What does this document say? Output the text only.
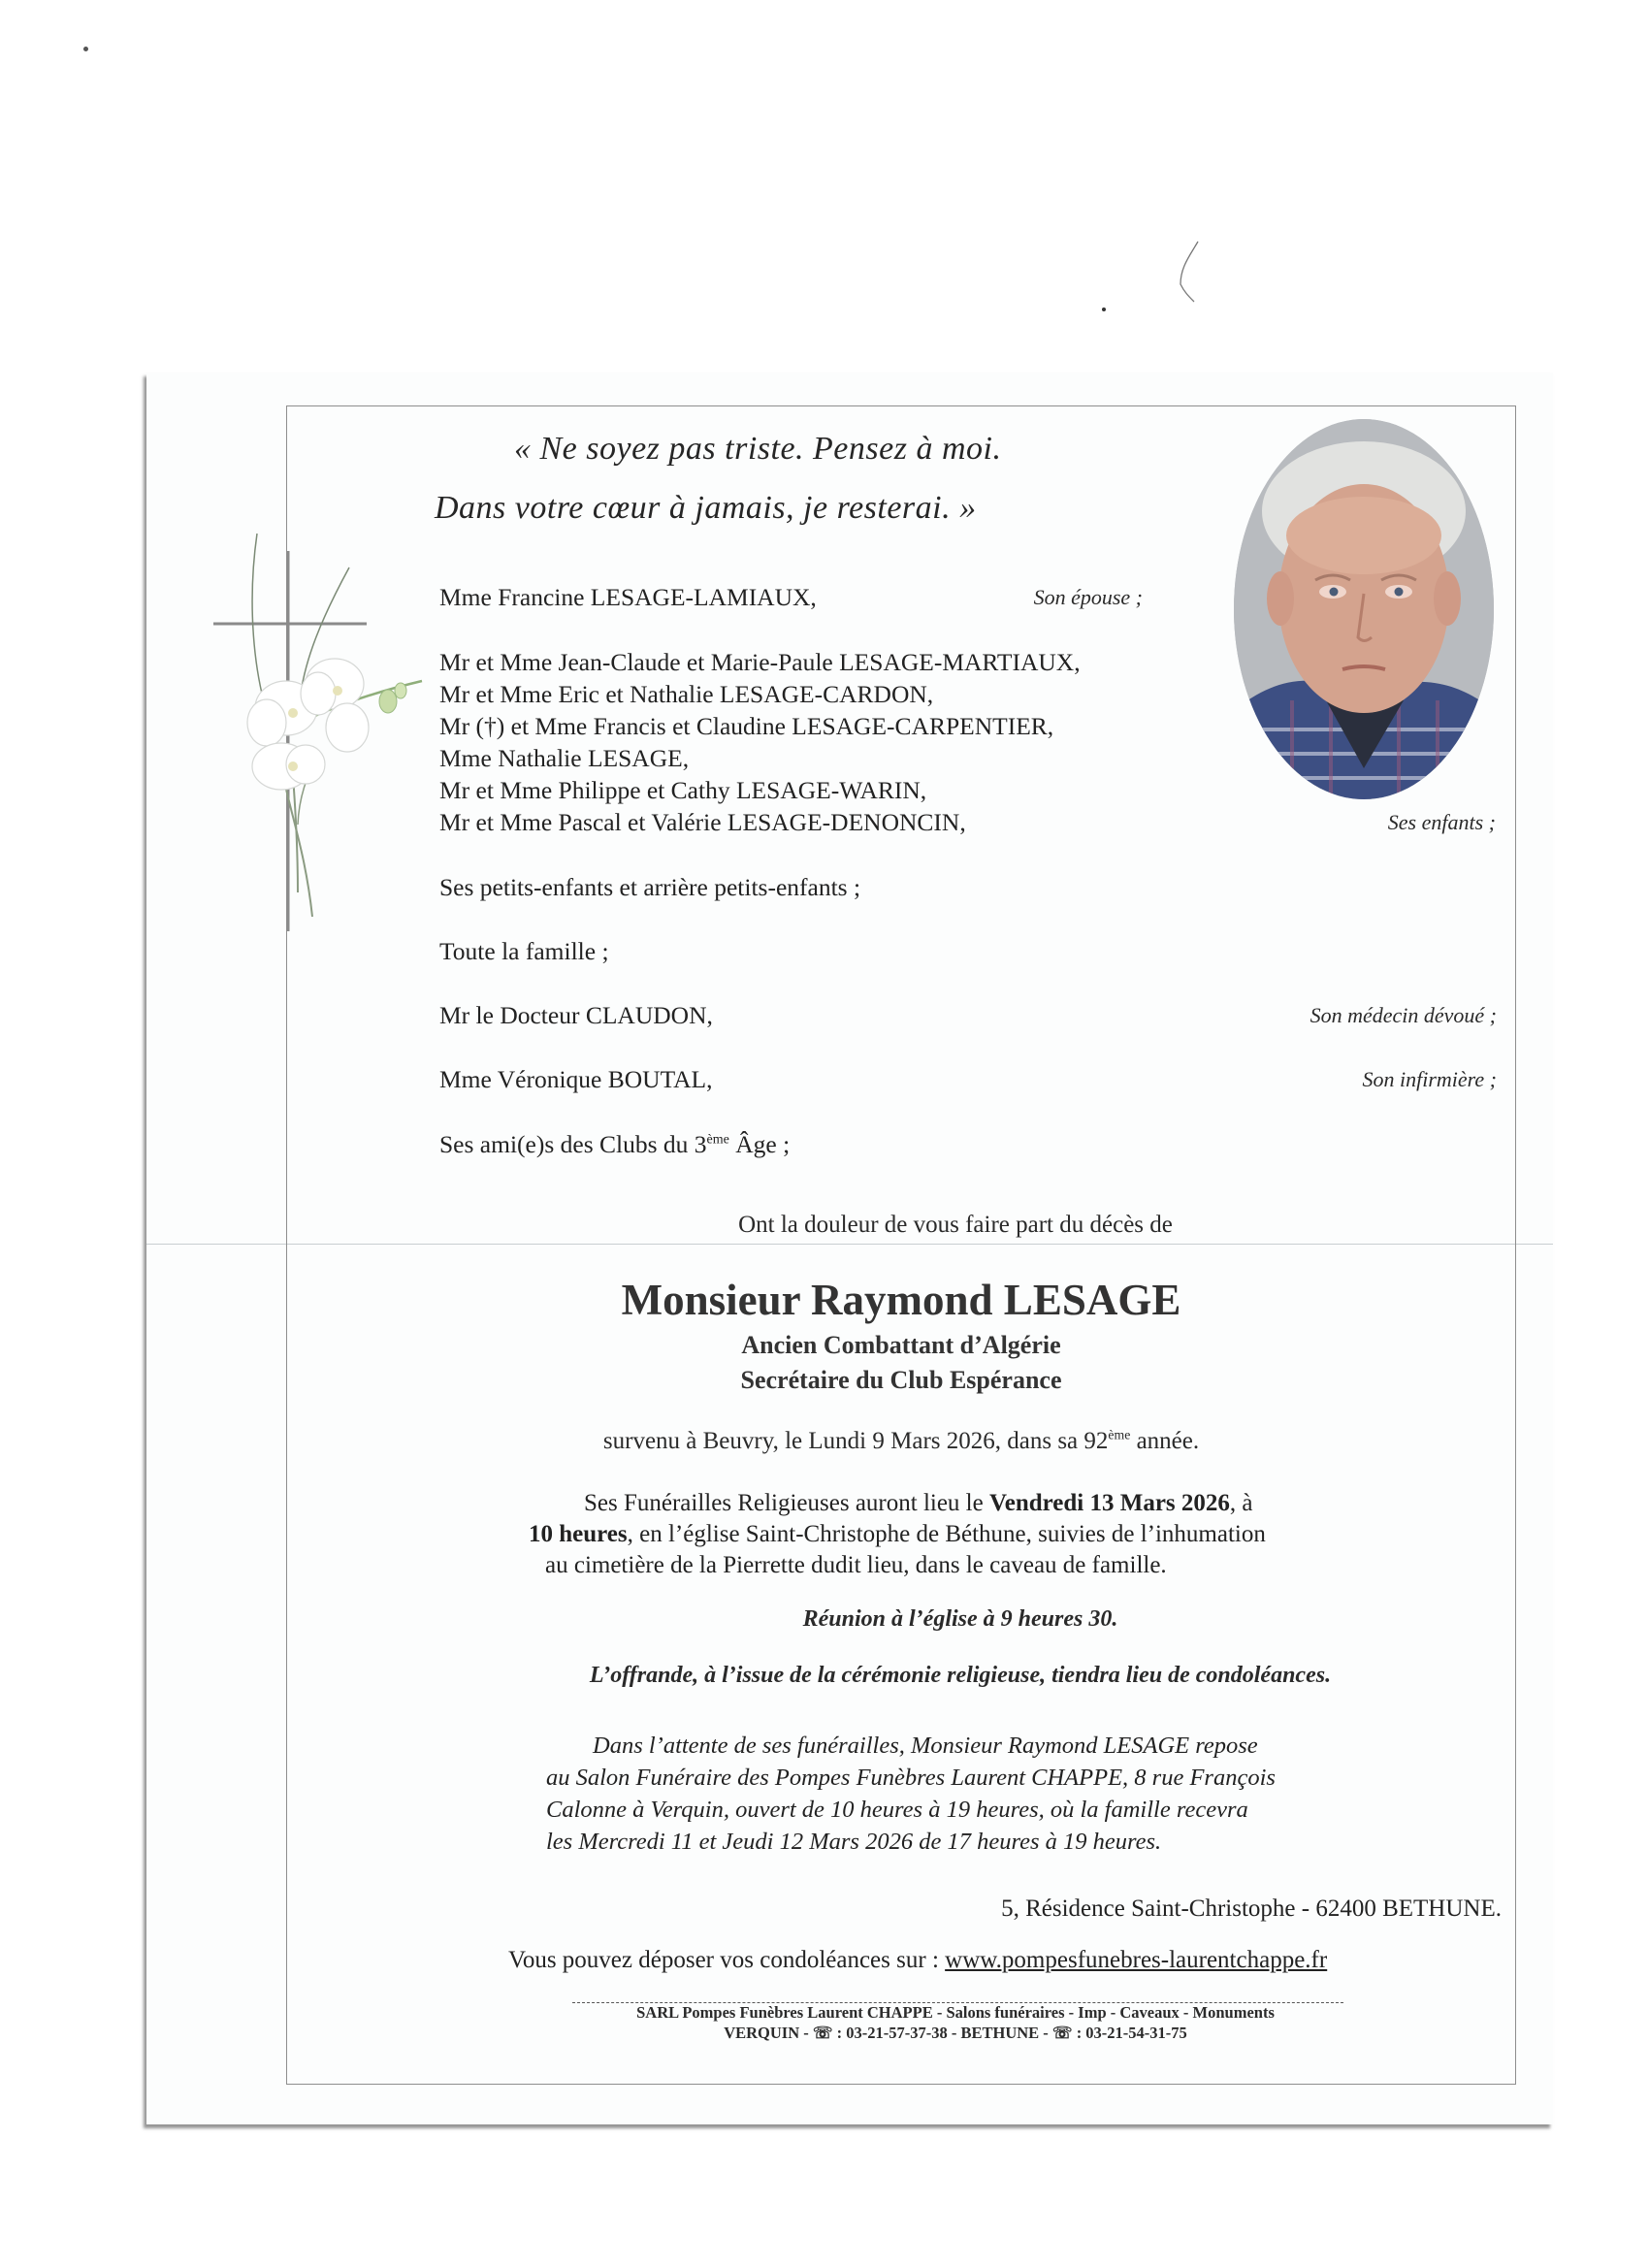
« Ne soyez pas triste. Pensez à moi.
Dans votre cœur à jamais, je resterai. »
Mme Francine LESAGE-LAMIAUX,	Son épouse ;
Mr et Mme Jean-Claude et Marie-Paule LESAGE-MARTIAUX,
Mr et Mme Eric et Nathalie LESAGE-CARDON,
Mr (†) et Mme Francis et Claudine LESAGE-CARPENTIER,
Mme Nathalie LESAGE,
Mr et Mme Philippe et Cathy LESAGE-WARIN,
Mr et Mme Pascal et Valérie LESAGE-DENONCIN,	Ses enfants ;
Ses petits-enfants et arrière petits-enfants ;
Toute la famille ;
Mr le Docteur CLAUDON,	Son médecin dévoué ;
Mme Véronique BOUTAL,	Son infirmière ;
Ses ami(e)s des Clubs du 3ème Âge ;
Ont la douleur de vous faire part du décès de
Monsieur Raymond LESAGE
Ancien Combattant d’Algérie
Secrétaire du Club Espérance
survenu à Beuvry, le Lundi 9 Mars 2026, dans sa 92ème année.
Ses Funérailles Religieuses auront lieu le Vendredi 13 Mars 2026, à
10 heures, en l’église Saint-Christophe de Béthune, suivies de l’inhumation
au cimetière de la Pierrette dudit lieu, dans le caveau de famille.
Réunion à l’église à 9 heures 30.
L’offrande, à l’issue de la cérémonie religieuse, tiendra lieu de condoléances.
Dans l’attente de ses funérailles, Monsieur Raymond LESAGE repose
au Salon Funéraire des Pompes Funèbres Laurent CHAPPE, 8 rue François
Calonne à Verquin, ouvert de 10 heures à 19 heures, où la famille recevra
les Mercredi 11 et Jeudi 12 Mars 2026 de 17 heures à 19 heures.
5, Résidence Saint-Christophe - 62400 BETHUNE.
Vous pouvez déposer vos condoléances sur : www.pompesfunebres-laurentchappe.fr
SARL Pompes Funèbres Laurent CHAPPE - Salons funéraires - Imp - Caveaux - Monuments
VERQUIN - ☏ : 03-21-57-37-38 - BETHUNE - ☏ : 03-21-54-31-75
